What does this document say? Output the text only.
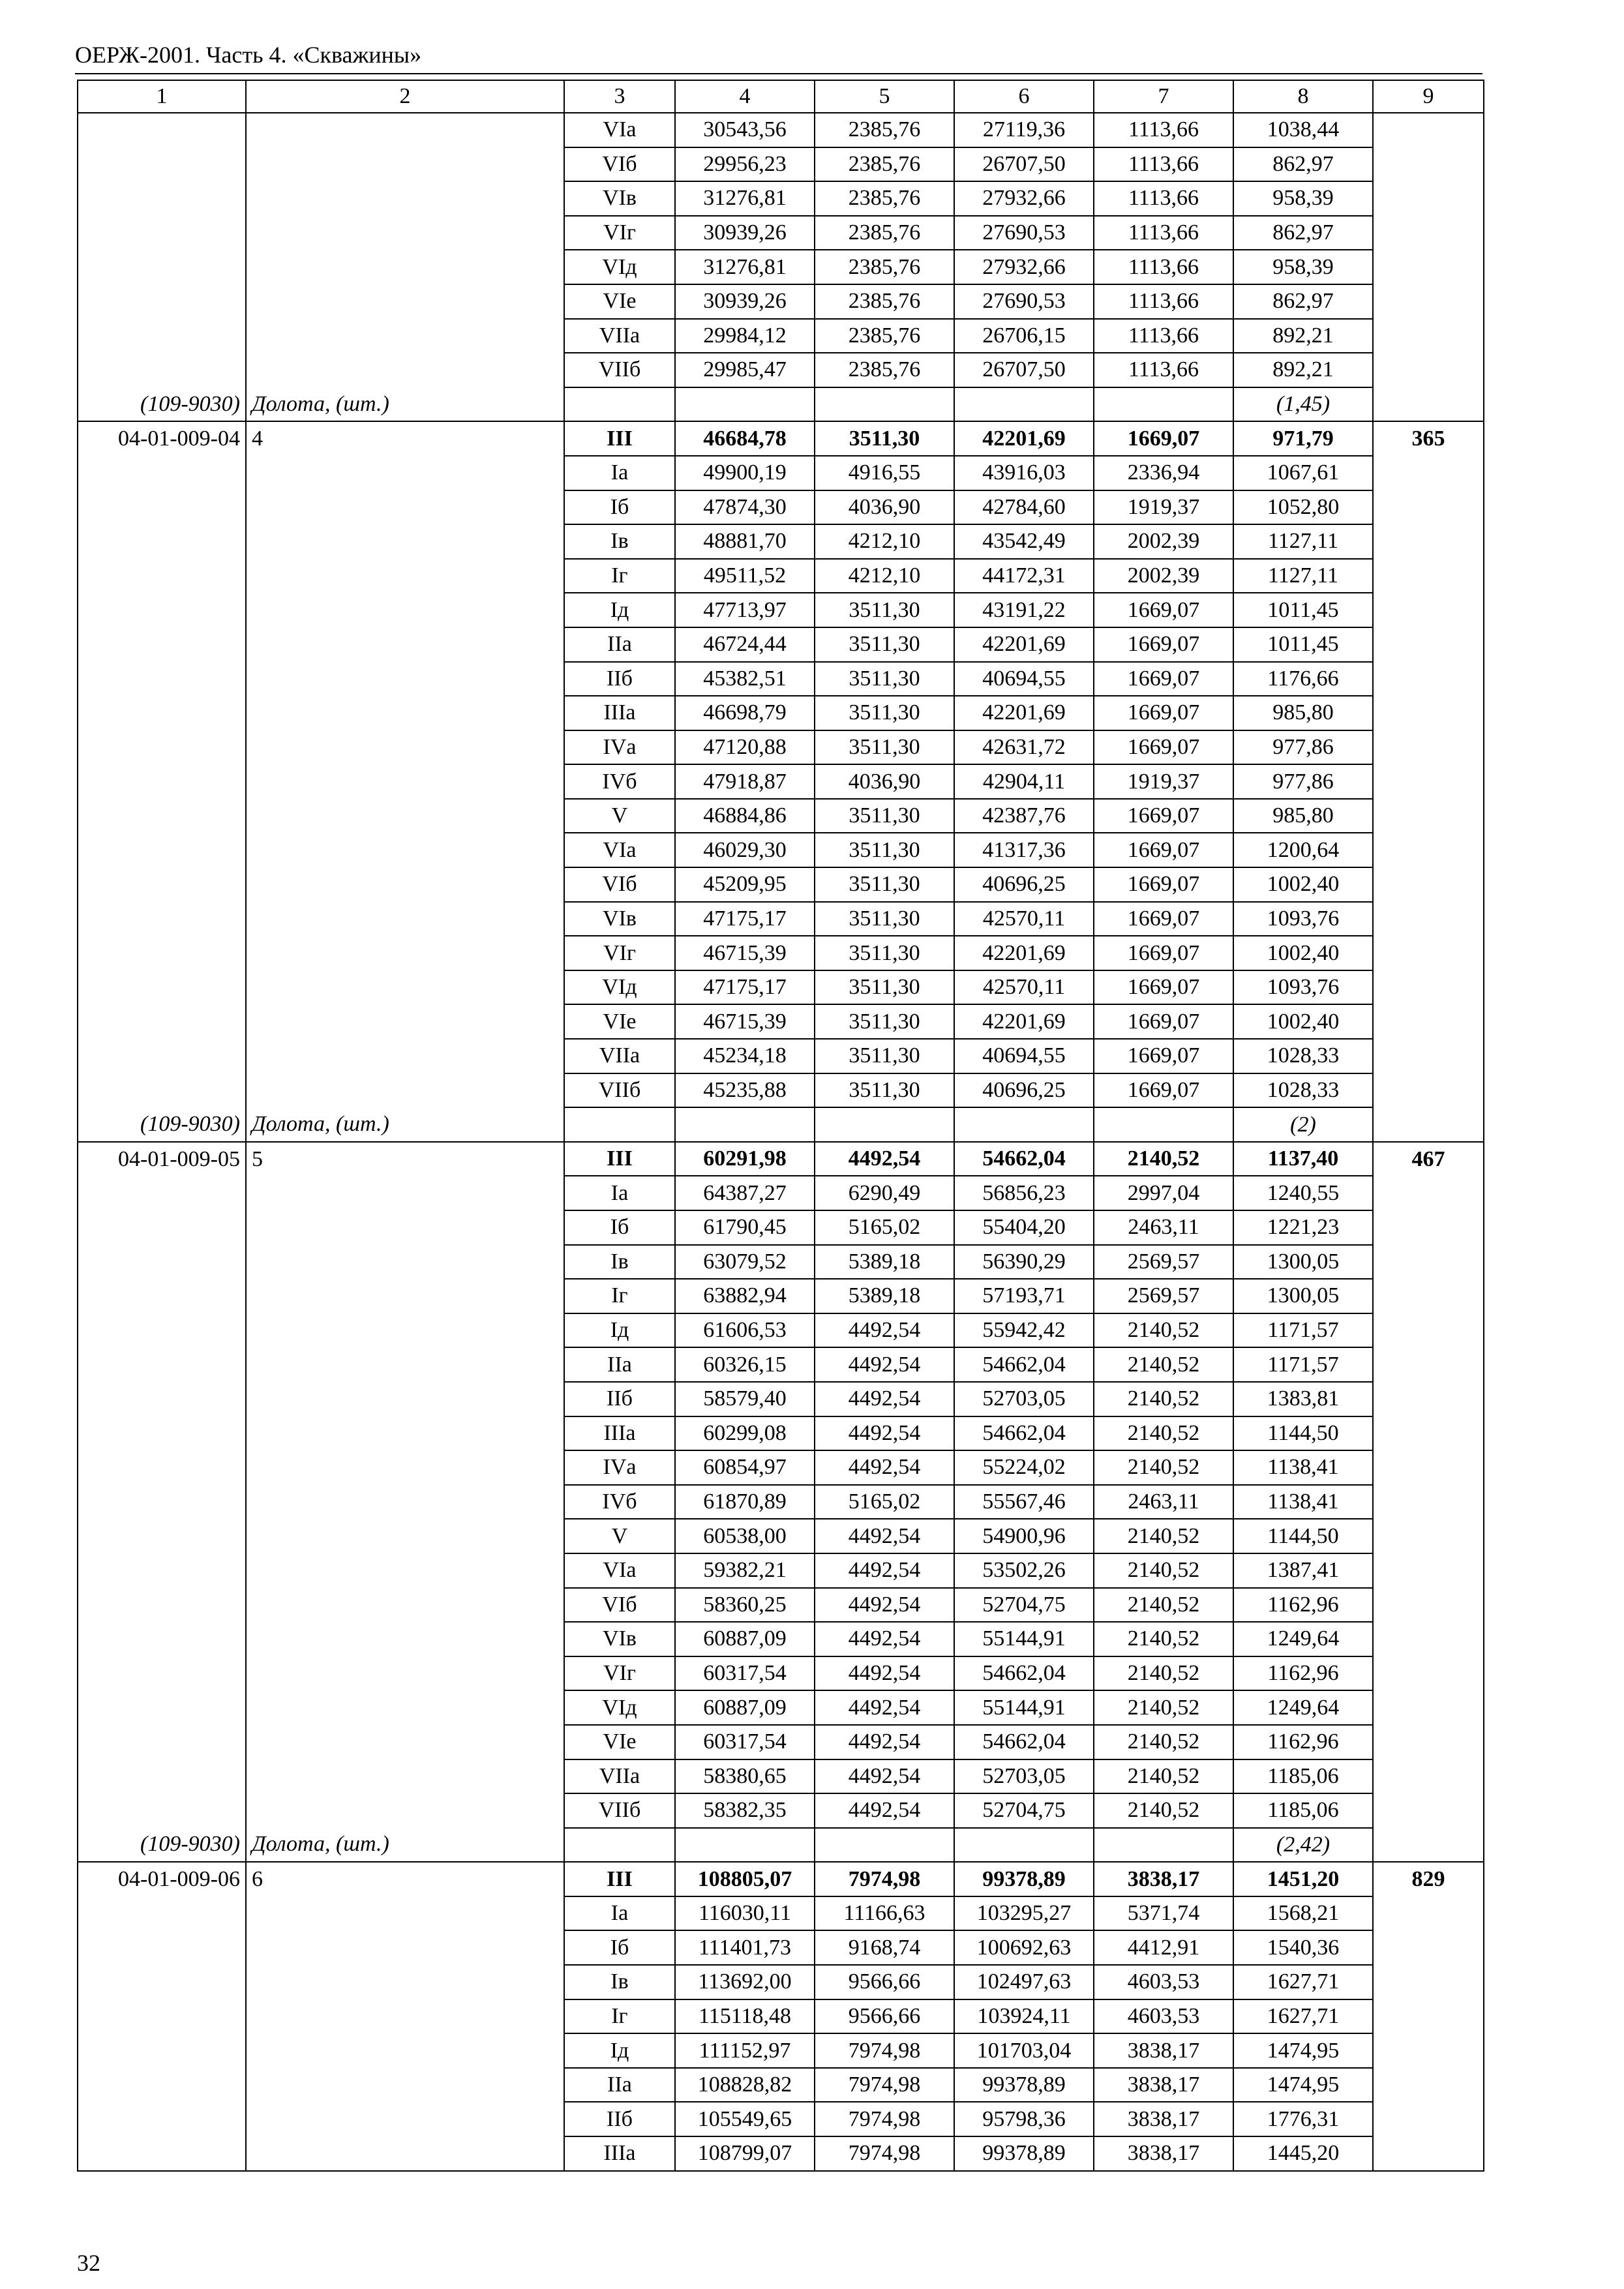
ОЕРЖ-2001. Часть 4. «Скважины»
1	2	3	4	5	6	7	8	9
		VIа	30543,56	2385,76	27119,36	1113,66	1038,44	
		VIб	29956,23	2385,76	26707,50	1113,66	862,97	
		VIв	31276,81	2385,76	27932,66	1113,66	958,39	
		VIг	30939,26	2385,76	27690,53	1113,66	862,97	
		VIд	31276,81	2385,76	27932,66	1113,66	958,39	
		VIе	30939,26	2385,76	27690,53	1113,66	862,97	
		VIIа	29984,12	2385,76	26706,15	1113,66	892,21	
		VIIб	29985,47	2385,76	26707,50	1113,66	892,21	
(109-9030)	Долота, (шт.)						(1,45)	
04-01-009-04	4	III	46684,78	3511,30	42201,69	1669,07	971,79	365
		Iа	49900,19	4916,55	43916,03	2336,94	1067,61	
		Iб	47874,30	4036,90	42784,60	1919,37	1052,80	
		Iв	48881,70	4212,10	43542,49	2002,39	1127,11	
		Iг	49511,52	4212,10	44172,31	2002,39	1127,11	
		Iд	47713,97	3511,30	43191,22	1669,07	1011,45	
		IIа	46724,44	3511,30	42201,69	1669,07	1011,45	
		IIб	45382,51	3511,30	40694,55	1669,07	1176,66	
		IIIа	46698,79	3511,30	42201,69	1669,07	985,80	
		IVа	47120,88	3511,30	42631,72	1669,07	977,86	
		IVб	47918,87	4036,90	42904,11	1919,37	977,86	
		V	46884,86	3511,30	42387,76	1669,07	985,80	
		VIа	46029,30	3511,30	41317,36	1669,07	1200,64	
		VIб	45209,95	3511,30	40696,25	1669,07	1002,40	
		VIв	47175,17	3511,30	42570,11	1669,07	1093,76	
		VIг	46715,39	3511,30	42201,69	1669,07	1002,40	
		VIд	47175,17	3511,30	42570,11	1669,07	1093,76	
		VIе	46715,39	3511,30	42201,69	1669,07	1002,40	
		VIIа	45234,18	3511,30	40694,55	1669,07	1028,33	
		VIIб	45235,88	3511,30	40696,25	1669,07	1028,33	
(109-9030)	Долота, (шт.)						(2)	
04-01-009-05	5	III	60291,98	4492,54	54662,04	2140,52	1137,40	467
		Iа	64387,27	6290,49	56856,23	2997,04	1240,55	
		Iб	61790,45	5165,02	55404,20	2463,11	1221,23	
		Iв	63079,52	5389,18	56390,29	2569,57	1300,05	
		Iг	63882,94	5389,18	57193,71	2569,57	1300,05	
		Iд	61606,53	4492,54	55942,42	2140,52	1171,57	
		IIа	60326,15	4492,54	54662,04	2140,52	1171,57	
		IIб	58579,40	4492,54	52703,05	2140,52	1383,81	
		IIIа	60299,08	4492,54	54662,04	2140,52	1144,50	
		IVа	60854,97	4492,54	55224,02	2140,52	1138,41	
		IVб	61870,89	5165,02	55567,46	2463,11	1138,41	
		V	60538,00	4492,54	54900,96	2140,52	1144,50	
		VIа	59382,21	4492,54	53502,26	2140,52	1387,41	
		VIб	58360,25	4492,54	52704,75	2140,52	1162,96	
		VIв	60887,09	4492,54	55144,91	2140,52	1249,64	
		VIг	60317,54	4492,54	54662,04	2140,52	1162,96	
		VIд	60887,09	4492,54	55144,91	2140,52	1249,64	
		VIе	60317,54	4492,54	54662,04	2140,52	1162,96	
		VIIа	58380,65	4492,54	52703,05	2140,52	1185,06	
		VIIб	58382,35	4492,54	52704,75	2140,52	1185,06	
(109-9030)	Долота, (шт.)						(2,42)	
04-01-009-06	6	III	108805,07	7974,98	99378,89	3838,17	1451,20	829
		Iа	116030,11	11166,63	103295,27	5371,74	1568,21	
		Iб	111401,73	9168,74	100692,63	4412,91	1540,36	
		Iв	113692,00	9566,66	102497,63	4603,53	1627,71	
		Iг	115118,48	9566,66	103924,11	4603,53	1627,71	
		Iд	111152,97	7974,98	101703,04	3838,17	1474,95	
		IIа	108828,82	7974,98	99378,89	3838,17	1474,95	
		IIб	105549,65	7974,98	95798,36	3838,17	1776,31	
		IIIа	108799,07	7974,98	99378,89	3838,17	1445,20	
32
